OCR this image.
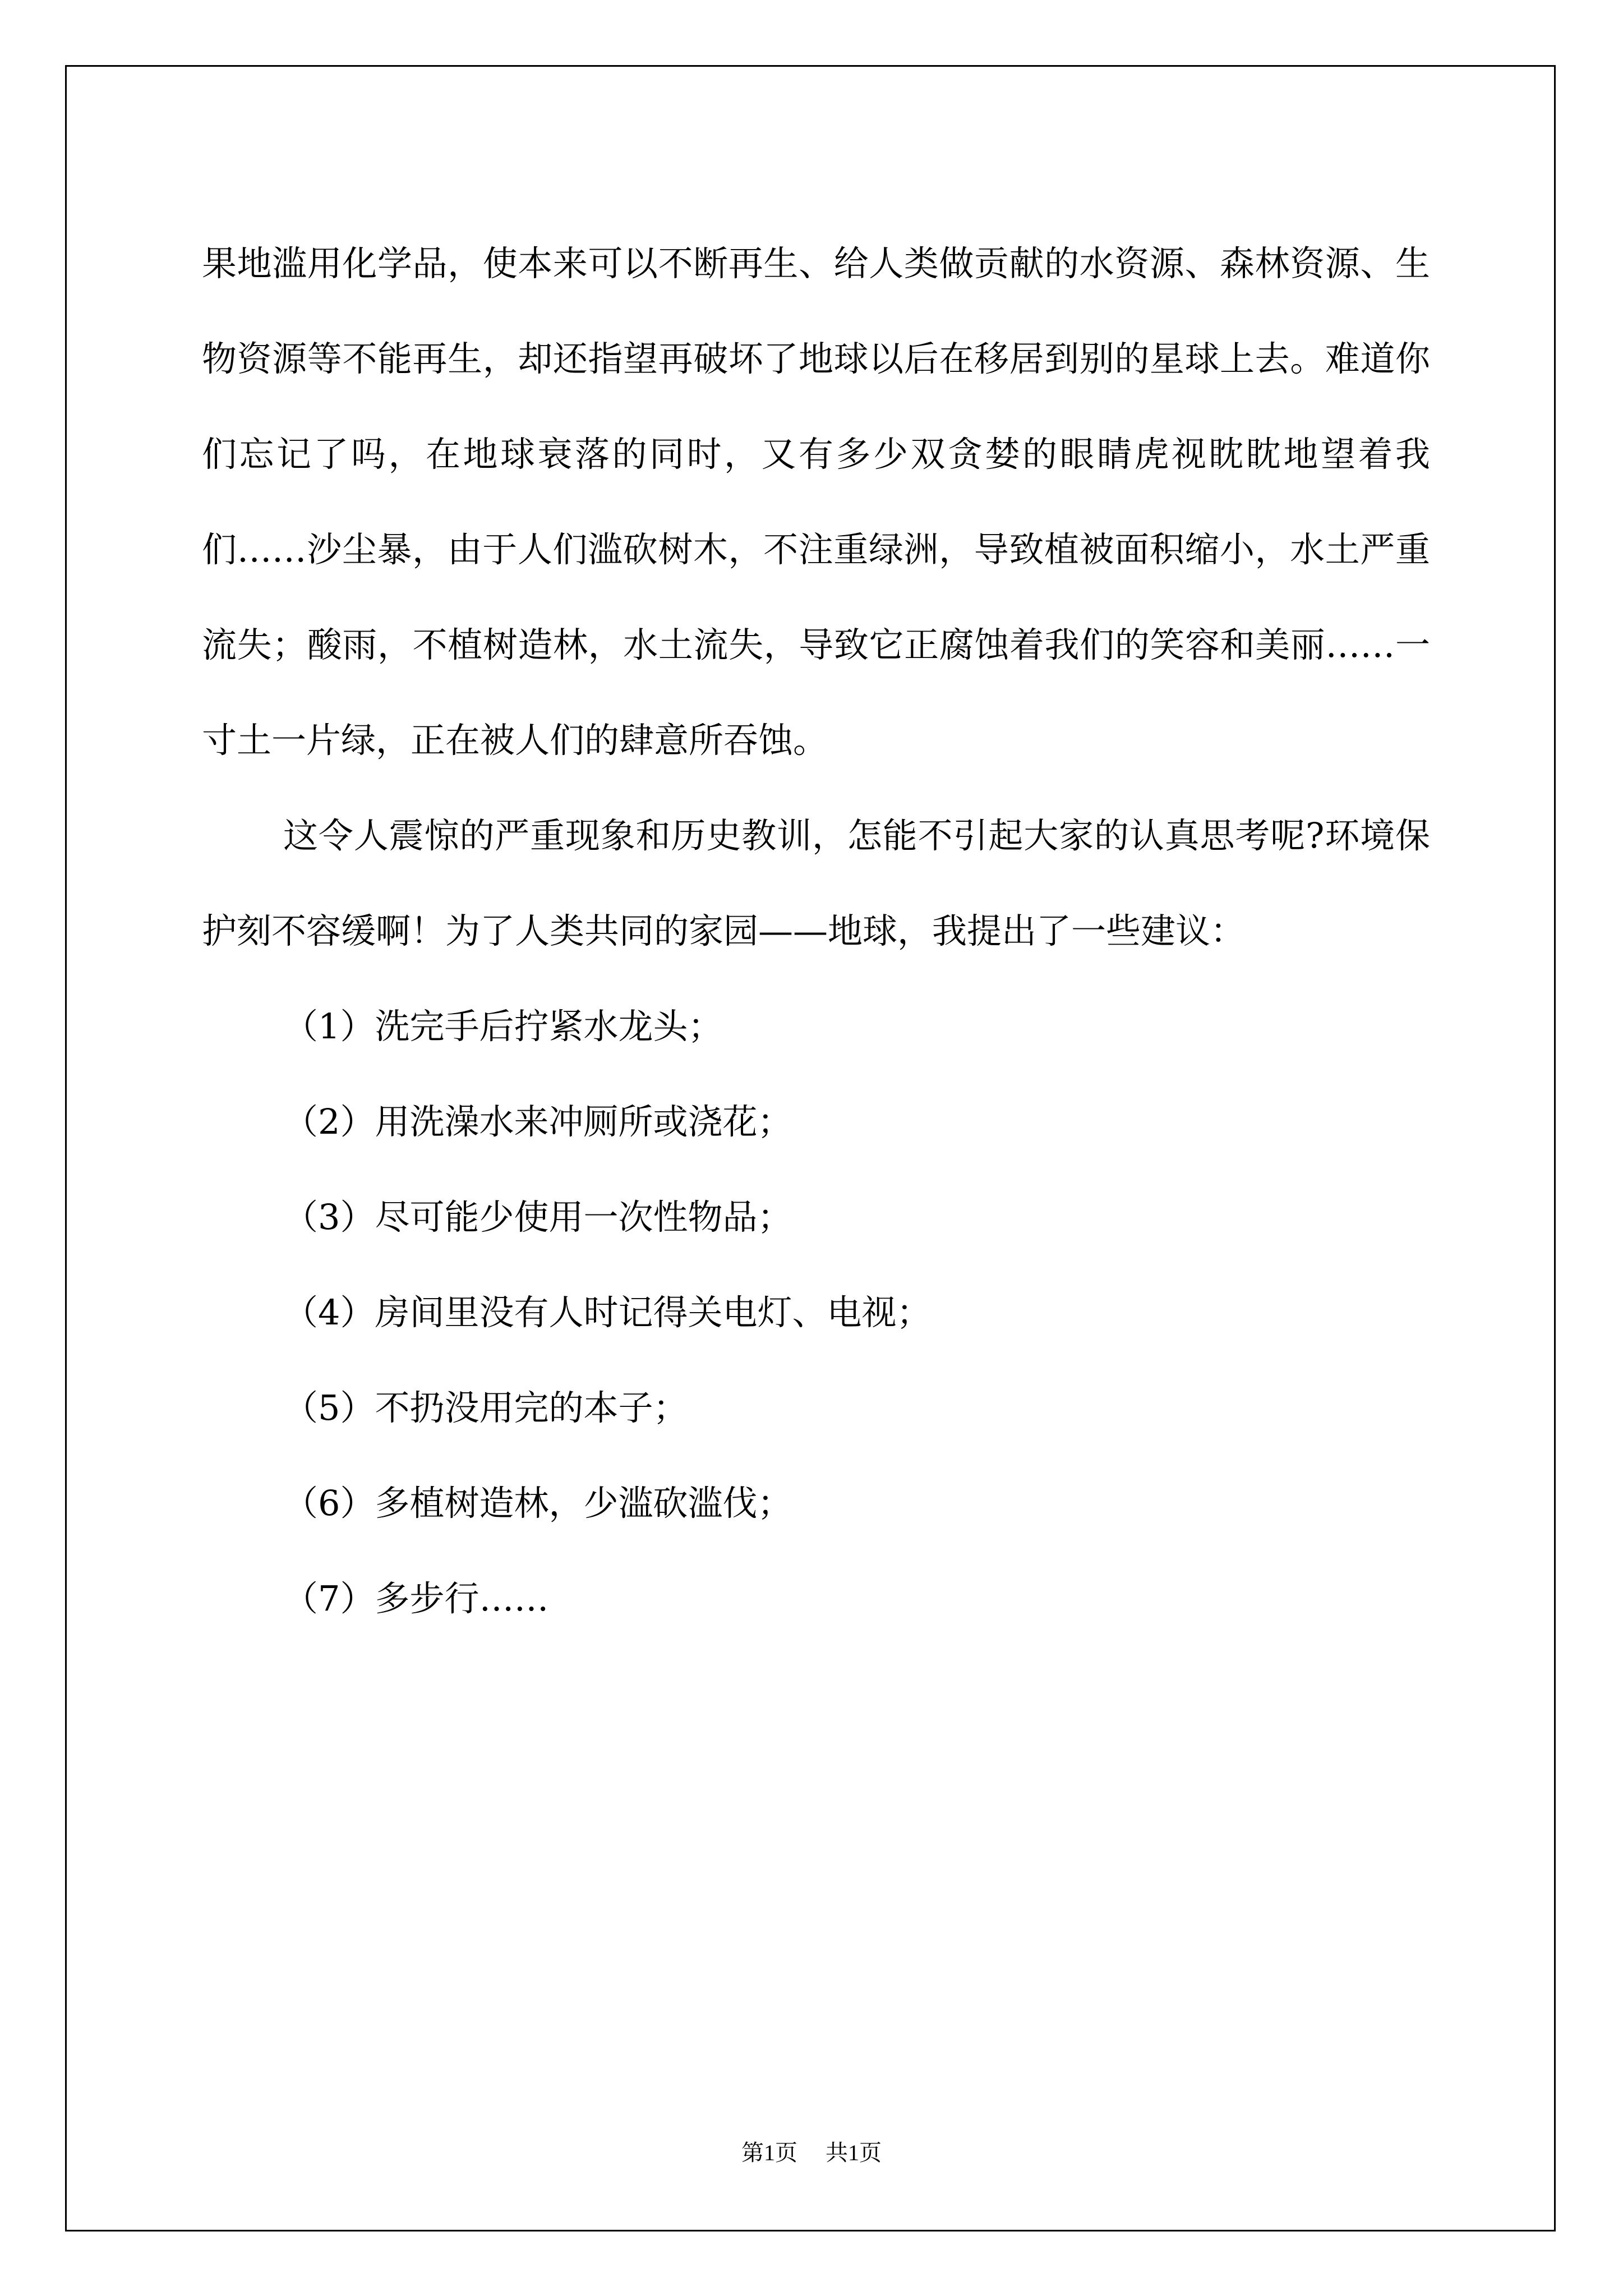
果地滥用化学品，使本来可以不断再生、给人类做贡献的水资源、森林资源、生物资源等不能再生，却还指望再破坏了地球以后在移居到别的星球上去。难道你们忘记了吗，在地球衰落的同时，又有多少双贪婪的眼睛虎视眈眈地望着我们……沙尘暴，由于人们滥砍树木，不注重绿洲，导致植被面积缩小，水土严重流失；酸雨，不植树造林，水土流失，导致它正腐蚀着我们的笑容和美丽……一寸土一片绿，正在被人们的肆意所吞蚀。

这令人震惊的严重现象和历史教训，怎能不引起大家的认真思考呢?环境保护刻不容缓啊！为了人类共同的家园——地球，我提出了一些建议：

（1）洗完手后拧紧水龙头；

（2）用洗澡水来冲厕所或浇花；

（3）尽可能少使用一次性物品；

（4）房间里没有人时记得关电灯、电视；

（5）不扔没用完的本子；

（6）多植树造林，少滥砍滥伐；

（7）多步行……

第1页 共1页
